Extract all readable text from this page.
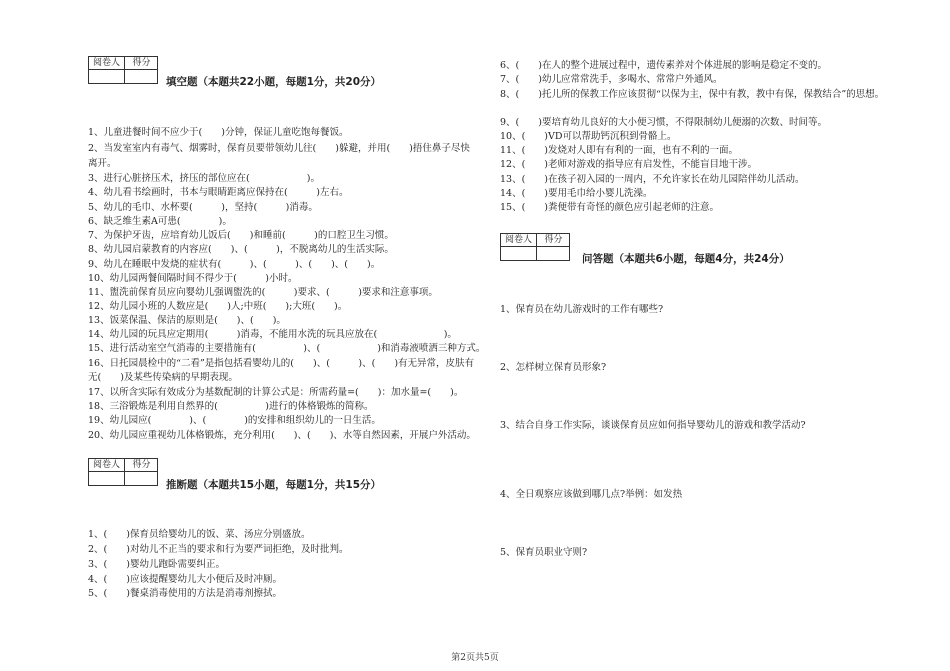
阅卷人	得分
填空题（本题共22小题，每题1分，共20分）
1、儿童进餐时间不应少于(　　)分钟，保证儿童吃饱每餐饭。
2、当发室室内有毒气、烟雾时，保育员要带领幼儿往(　　)躲避，并用(　　)捂住鼻子尽快
离开。
3、进行心脏挤压术，挤压的部位应在(　　　　　　)。
4、幼儿看书绘画时，书本与眼睛距离应保持在(　　　)左右。
5、幼儿的毛巾、水杯要(　　　)，坚持(　　　)消毒。
6、缺乏维生素A可患(　　　　)。
7、为保护牙齿，应培育幼儿饭后(　　)和睡前(　　　)的口腔卫生习惯。
8、幼儿园启蒙教育的内容应(　　)、(　　　)，不脱离幼儿的生活实际。
9、幼儿在睡眠中发烧的症状有(　　　)、(　　　)、(　　)、(　　)。
10、幼儿园两餐间隔时间不得少于(　　　)小时。
11、盥洗前保育员应向婴幼儿强调盥洗的(　　　)要求、(　　　)要求和注意事项。
12、幼儿园小班的人数应是(　　)人;中班(　　);大班(　　)。
13、饭菜保温、保洁的原则是(　　)、(　　)。
14、幼儿园的玩具应定期用(　　　)消毒，不能用水洗的玩具应放在(　　　　　　　)。
15、进行活动室空气消毒的主要措施有(　　　　　)、(　　　　　　)和消毒液喷洒三种方式。
16、日托园晨检中的“二看”是指包括看婴幼儿的(　　)、(　　　)、(　　)有无异常，皮肤有
无(　　)及某些传染病的早期表现。
17、以所含实际有效成分为基数配制的计算公式是：所需药量=(　　)：加水量=(　　)。
18、三浴锻炼是利用自然界的(　　　　　)进行的体格锻炼的简称。
19、幼儿园应(　　　　)、(　　　　)的安排和组织幼儿的一日生活。
20、幼儿园应重视幼儿体格锻炼，充分利用(　　)、(　　)、水等自然因素，开展户外活动。
阅卷人	得分
推断题（本题共15小题，每题1分，共15分）
1、(　　)保育员给婴幼儿的饭、菜、汤应分别盛放。
2、(　　)对幼儿不正当的要求和行为要严词拒绝，及时批判。
3、(　　)婴幼儿跑卧需要纠正。
4、(　　)应该提醒婴幼儿大小便后及时冲厕。
5、(　　)餐桌消毒使用的方法是消毒剂擦拭。
6、(　　)在人的整个进展过程中，遗传素养对个体进展的影响是稳定不变的。
7、(　　)幼儿应常常洗手，多喝水、常常户外通风。
8、(　　)托儿所的保教工作应该贯彻“以保为主，保中有教，教中有保，保教结合”的思想。
9、(　　)要培育幼儿良好的大小便习惯，不得限制幼儿便溺的次数、时间等。
10、(　　)VD可以帮助钙沉积到骨骼上。
11、(　　)发烧对人即有有利的一面，也有不利的一面。
12、(　　)老师对游戏的指导应有启发性，不能盲目地干涉。
13、(　　)在孩子初入园的一周内，不允许家长在幼儿园陪伴幼儿活动。
14、(　　)要用毛巾给小婴儿洗澡。
15、(　　)粪便带有奇怪的颜色应引起老师的注意。
阅卷人	得分
问答题（本题共6小题，每题4分，共24分）
1、保育员在幼儿游戏时的工作有哪些?
2、怎样树立保育员形象?
3、结合自身工作实际，谈谈保育员应如何指导婴幼儿的游戏和教学活动?
4、全日观察应该做到哪几点?举例：如发热
5、保育员职业守则?
第2页共5页
